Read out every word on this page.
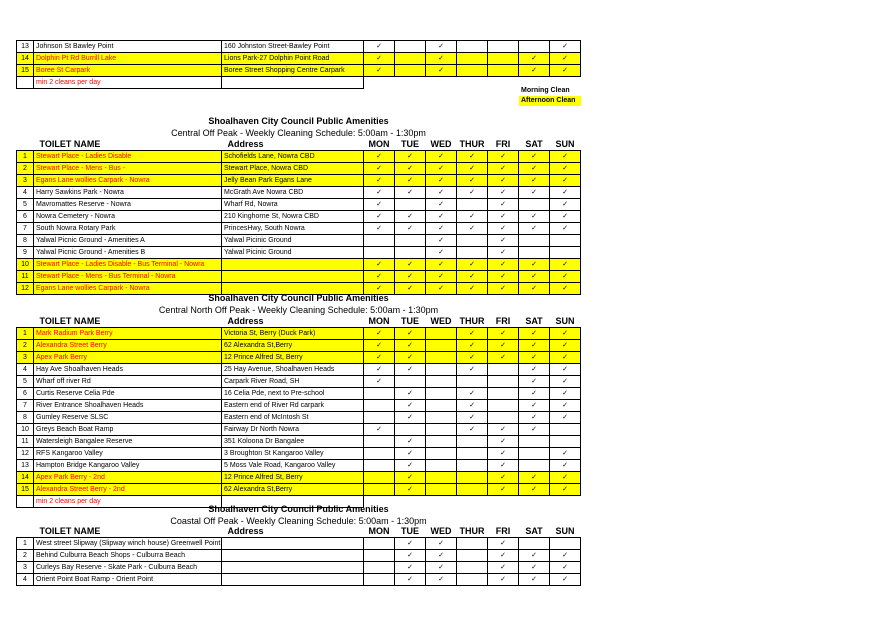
13	Johnson St Bawley Point	160 Johnston Street-Bawley Point	✓		✓				✓
14	Dolphin Pt Rd Burrill Lake	Lions Park-27 Dolphin Point Road	✓		✓			✓	✓
15	Boree St Carpark	Boree Street Shopping Centre Carpark	✓		✓			✓	✓
	min 2 cleans per day								
Morning Clean
Afternoon Clean
Shoalhaven City Council Public Amenities
Central Off Peak - Weekly Cleaning Schedule: 5:00am - 1:30pm
	TOILET NAME	Address	MON	TUE	WED	THUR	FRI	SAT	SUN
1	Stewart Place - Ladies Disable	Schofields Lane, Nowra CBD	✓	✓	✓	✓	✓	✓	✓
2	Stewart Place - Mens - Bus -	Stewart Place, Nowra CBD	✓	✓	✓	✓	✓	✓	✓
3	Egans Lane wollies Carpark - Nowra	Jelly Bean Park Egans Lane	✓	✓	✓	✓	✓	✓	✓
4	Harry Sawkins Park - Nowra	McGrath Ave Nowra CBD	✓	✓	✓	✓	✓	✓	✓
5	Mavromattes Reserve - Nowra	Wharf Rd, Nowra	✓		✓		✓		✓
6	Nowra Cemetery - Nowra	210 Kinghorne St, Nowra CBD	✓	✓	✓	✓	✓	✓	✓
7	South Nowra Rotary Park	PrincesHwy, South Nowra	✓	✓	✓	✓	✓	✓	✓
8	Yalwal Picnic Ground - Amenities A	Yalwal Picinic Ground			✓		✓		
9	Yalwal Picnic Ground - Amenities B	Yalwal Picinic Ground			✓		✓		
10	Stewart Place - Ladies Disable - Bus Terminal - Nowra		✓	✓	✓	✓	✓	✓	✓
11	Stewart Place - Mens - Bus Terminal - Nowra		✓	✓	✓	✓	✓	✓	✓
12	Egans Lane wollies Carpark - Nowra		✓	✓	✓	✓	✓	✓	✓
Shoalhaven City Council Public Amenities
Central North Off Peak - Weekly Cleaning Schedule: 5:00am - 1:30pm
	TOILET NAME	Address	MON	TUE	WED	THUR	FRI	SAT	SUN
1	Mark Radium Park Berry	Victoria St, Berry (Duck Park)	✓	✓		✓	✓	✓	✓
2	Alexandra Street Berry	62 Alexandra St,Berry	✓	✓		✓	✓	✓	✓
3	Apex Park Berry	12 Prince Alfred St, Berry	✓	✓		✓	✓	✓	✓
4	Hay Ave Shoalhaven Heads	25 Hay Avenue, Shoalhaven Heads	✓	✓		✓		✓	✓
5	Wharf off river Rd	Carpark River Road, SH	✓					✓	✓
6	Curtis Reserve Celia Pde	16 Celia Pde, next to Pre-school		✓		✓		✓	✓
7	River Entrance Shoalhaven Heads	Eastern end of River Rd carpark		✓		✓		✓	✓
8	Gumley Reserve SLSC	Eastern end of McIntosh St		✓		✓		✓	✓
10	Greys Beach Boat Ramp	Fairway Dr North Nowra	✓			✓	✓	✓	
11	Watersleigh Bangalee Reserve	351 Koloona Dr Bangalee		✓			✓		
12	RFS Kangaroo Valley	3 Broughton St Kangaroo Valley		✓			✓		✓
13	Hampton Bridge Kangaroo Valley	5 Moss Vale Road, Kangaroo Valley		✓			✓		✓
14	Apex Park Berry - 2nd	12 Prince Alfred St, Berry		✓			✓	✓	✓
15	Alexandra Street Berry - 2nd	62 Alexandra St,Berry		✓			✓	✓	✓
	min 2 cleans per day								
Shoalhaven City Council Public Amenities
Coastal Off Peak - Weekly Cleaning Schedule: 5:00am - 1:30pm
	TOILET NAME	Address	MON	TUE	WED	THUR	FRI	SAT	SUN
1	West street Slipway (Slipway winch house) Greenwell Point			✓	✓		✓		
2	Behind Culburra Beach Shops - Culburra Beach			✓	✓		✓	✓	✓
3	Curleys Bay Reserve - Skate Park - Culburra Beach			✓	✓		✓	✓	✓
4	Orient Point Boat Ramp - Orient Point			✓	✓		✓	✓	✓
